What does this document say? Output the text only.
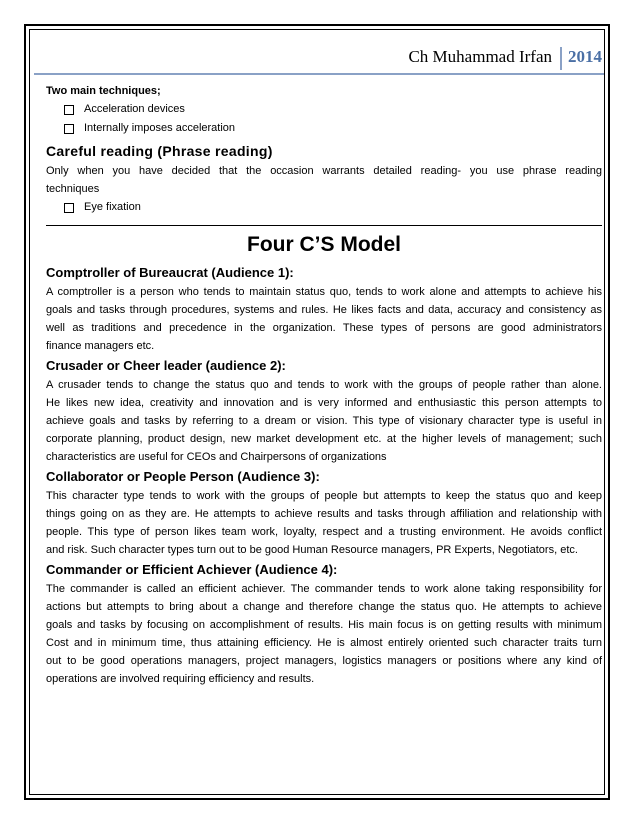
Ch Muhammad Irfan 2014
Two main techniques;
Acceleration devices
Internally imposes acceleration
Careful reading (Phrase reading)
Only when you have decided that the occasion warrants detailed reading- you use phrase reading
techniques
Eye fixation
Four C’S Model
Comptroller of Bureaucrat (Audience 1):
A comptroller is a person who tends to maintain status quo, tends to work alone and attempts to achieve his
goals and tasks through procedures, systems and rules. He likes facts and data, accuracy and consistency as
well as traditions and precedence in the organization. These types of persons are good administrators
finance managers etc.
Crusader or Cheer leader (audience 2):
A crusader tends to change the status quo and tends to work with the groups of people rather than alone.
He likes new idea, creativity and innovation and is very informed and enthusiastic this person attempts to
achieve goals and tasks by referring to a dream or vision. This type of visionary character type is useful in
corporate planning, product design, new market development etc. at the higher levels of management; such
characteristics are useful for CEOs and Chairpersons of organizations
Collaborator or People Person (Audience 3):
This character type tends to work with the groups of people but attempts to keep the status quo and keep
things going on as they are. He attempts to achieve results and tasks through affiliation and relationship with
people. This type of person likes team work, loyalty, respect and a trusting environment. He avoids conflict
and risk. Such character types turn out to be good Human Resource managers, PR Experts, Negotiators, etc.
Commander or Efficient Achiever (Audience 4):
The commander is called an efficient achiever. The commander tends to work alone taking responsibility for
actions but attempts to bring about a change and therefore change the status quo. He attempts to achieve
goals and tasks by focusing on accomplishment of results. His main focus is on getting results with minimum
Cost and in minimum time, thus attaining efficiency. He is almost entirely oriented such character traits turn
out to be good operations managers, project managers, logistics managers or positions where any kind of
operations are involved requiring efficiency and results.
